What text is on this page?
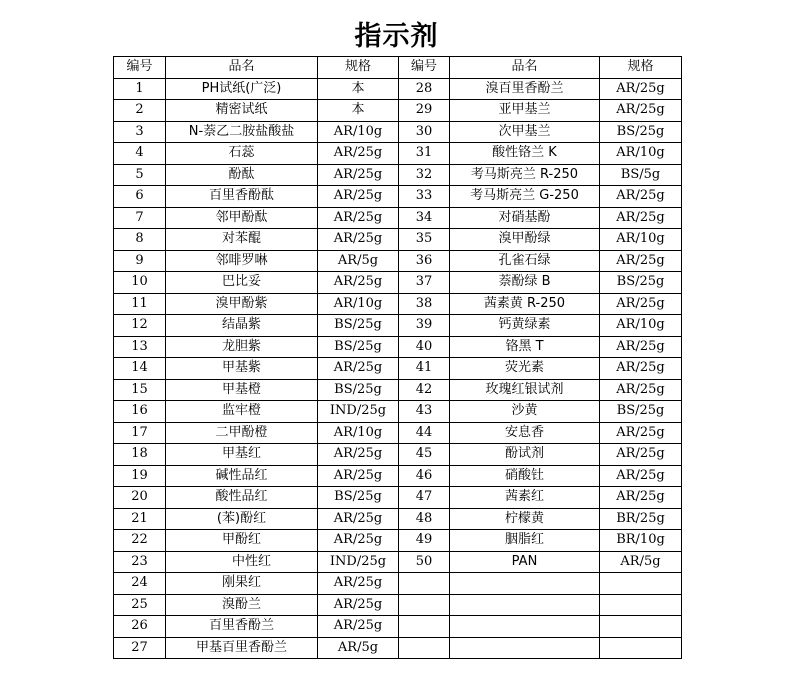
指示剂
编号	品名	规格	编号	品名	规格
1	PH试纸(广泛)	本	28	溴百里香酚兰	AR/25g
2	精密试纸	本	29	亚甲基兰	AR/25g
3	N-萘乙二胺盐酸盐	AR/10g	30	次甲基兰	BS/25g
4	石蕊	AR/25g	31	酸性铬兰 K	AR/10g
5	酚酞	AR/25g	32	考马斯亮兰 R-250	BS/5g
6	百里香酚酞	AR/25g	33	考马斯亮兰 G-250	AR/25g
7	邻甲酚酞	AR/25g	34	对硝基酚	AR/25g
8	对苯醌	AR/25g	35	溴甲酚绿	AR/10g
9	邻啡罗啉	AR/5g	36	孔雀石绿	AR/25g
10	巴比妥	AR/25g	37	萘酚绿 B	BS/25g
11	溴甲酚紫	AR/10g	38	茜素黄 R-250	AR/25g
12	结晶紫	BS/25g	39	钙黄绿素	AR/10g
13	龙胆紫	BS/25g	40	铬黑 T	AR/25g
14	甲基紫	AR/25g	41	荧光素	AR/25g
15	甲基橙	BS/25g	42	玫瑰红银试剂	AR/25g
16	监牢橙	IND/25g	43	沙黄	BS/25g
17	二甲酚橙	AR/10g	44	安息香	AR/25g
18	甲基红	AR/25g	45	酚试剂	AR/25g
19	碱性品红	AR/25g	46	硝酸钍	AR/25g
20	酸性品红	BS/25g	47	茜素红	AR/25g
21	(苯)酚红	AR/25g	48	柠檬黄	BR/25g
22	甲酚红	AR/25g	49	胭脂红	BR/10g
23	中性红	IND/25g	50	PAN	AR/5g
24	刚果红	AR/25g			
25	溴酚兰	AR/25g			
26	百里香酚兰	AR/25g			
27	甲基百里香酚兰	AR/5g			
